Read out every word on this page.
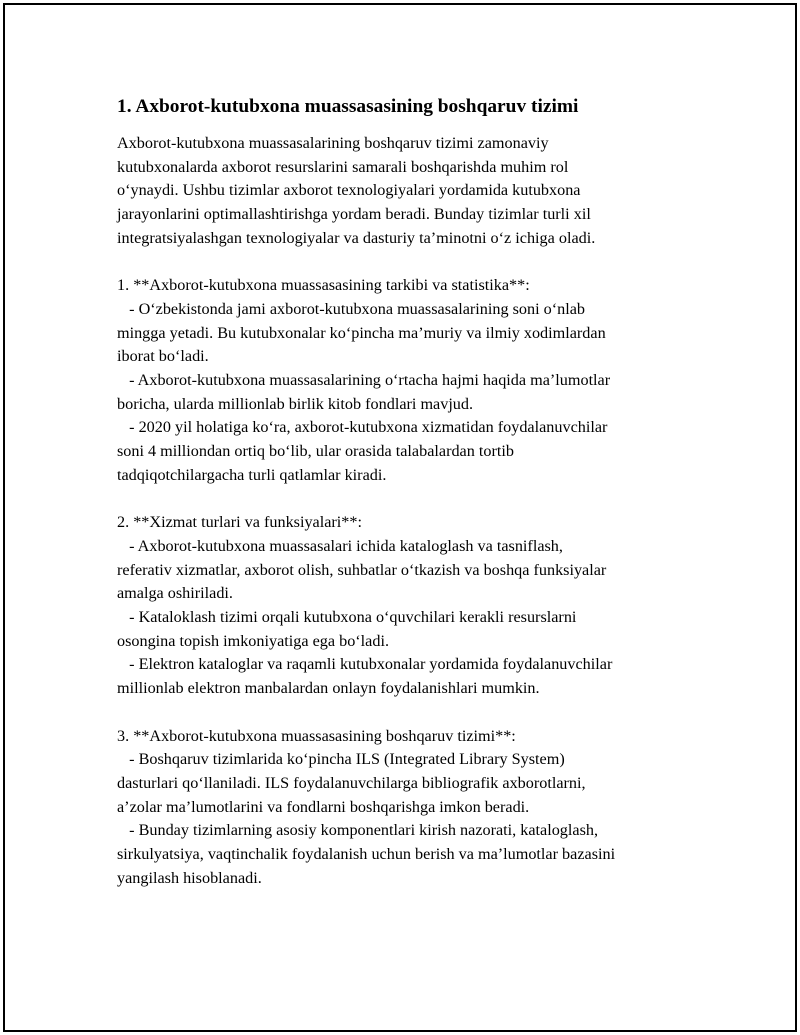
1. Axborot-kutubxona muassasasining boshqaruv tizimi
Axborot-kutubxona muassasalarining boshqaruv tizimi zamonaviy
kutubxonalarda axborot resurslarini samarali boshqarishda muhim rol
o‘ynaydi. Ushbu tizimlar axborot texnologiyalari yordamida kutubxona
jarayonlarini optimallashtirishga yordam beradi. Bunday tizimlar turli xil
integratsiyalashgan texnologiyalar va dasturiy ta’minotni o‘z ichiga oladi.
1. **Axborot-kutubxona muassasasining tarkibi va statistika**:
- O‘zbekistonda jami axborot-kutubxona muassasalarining soni o‘nlab
mingga yetadi. Bu kutubxonalar ko‘pincha ma’muriy va ilmiy xodimlardan
iborat bo‘ladi.
- Axborot-kutubxona muassasalarining o‘rtacha hajmi haqida ma’lumotlar
boricha, ularda millionlab birlik kitob fondlari mavjud.
- 2020 yil holatiga ko‘ra, axborot-kutubxona xizmatidan foydalanuvchilar
soni 4 milliondan ortiq bo‘lib, ular orasida talabalardan tortib
tadqiqotchilargacha turli qatlamlar kiradi.
2. **Xizmat turlari va funksiyalari**:
- Axborot-kutubxona muassasalari ichida kataloglash va tasniflash,
referativ xizmatlar, axborot olish, suhbatlar o‘tkazish va boshqa funksiyalar
amalga oshiriladi.
- Kataloklash tizimi orqali kutubxona o‘quvchilari kerakli resurslarni
osongina topish imkoniyatiga ega bo‘ladi.
- Elektron kataloglar va raqamli kutubxonalar yordamida foydalanuvchilar
millionlab elektron manbalardan onlayn foydalanishlari mumkin.
3. **Axborot-kutubxona muassasasining boshqaruv tizimi**:
- Boshqaruv tizimlarida ko‘pincha ILS (Integrated Library System)
dasturlari qo‘llaniladi. ILS foydalanuvchilarga bibliografik axborotlarni,
a’zolar ma’lumotlarini va fondlarni boshqarishga imkon beradi.
- Bunday tizimlarning asosiy komponentlari kirish nazorati, kataloglash,
sirkulyatsiya, vaqtinchalik foydalanish uchun berish va ma’lumotlar bazasini
yangilash hisoblanadi.
